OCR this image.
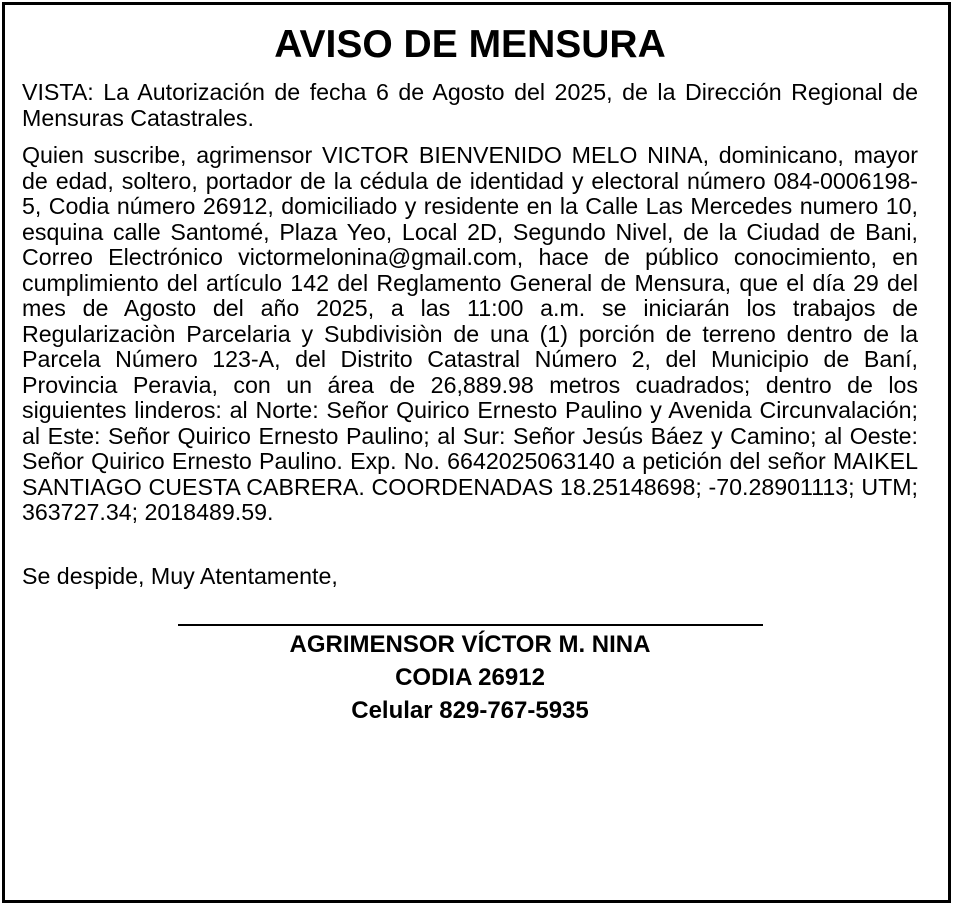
AVISO DE MENSURA

VISTA: La Autorización de fecha 6 de Agosto del 2025, de la Dirección Regional de Mensuras Catastrales.

Quien suscribe, agrimensor VICTOR BIENVENIDO MELO NINA, dominicano, mayor de edad, soltero, portador de la cédula de identidad y electoral número 084-0006198-5, Codia número 26912, domiciliado y residente en la Calle Las Mercedes numero 10, esquina calle Santomé, Plaza Yeo, Local 2D, Segundo Nivel, de la Ciudad de Bani, Correo Electrónico victormelonina@gmail.com, hace de público conocimiento, en cumplimiento del artículo 142 del Reglamento General de Mensura, que el día 29 del mes de Agosto del año 2025, a las 11:00 a.m. se iniciarán los trabajos de Regularizaciòn Parcelaria y Subdivisiòn de una (1) porción de terreno dentro de la Parcela Número 123-A, del Distrito Catastral Número 2, del Municipio de Baní, Provincia Peravia, con un área de 26,889.98 metros cuadrados; dentro de los siguientes linderos: al Norte: Señor Quirico Ernesto Paulino y Avenida Circunvalación; al Este: Señor Quirico Ernesto Paulino; al Sur: Señor Jesús Báez y Camino; al Oeste: Señor Quirico Ernesto Paulino. Exp. No. 6642025063140 a petición del señor MAIKEL SANTIAGO CUESTA CABRERA. COORDENADAS 18.25148698; -70.28901113; UTM; 363727.34; 2018489.59.

Se despide, Muy Atentamente,

AGRIMENSOR VÍCTOR M. NINA
CODIA 26912
Celular 829-767-5935
